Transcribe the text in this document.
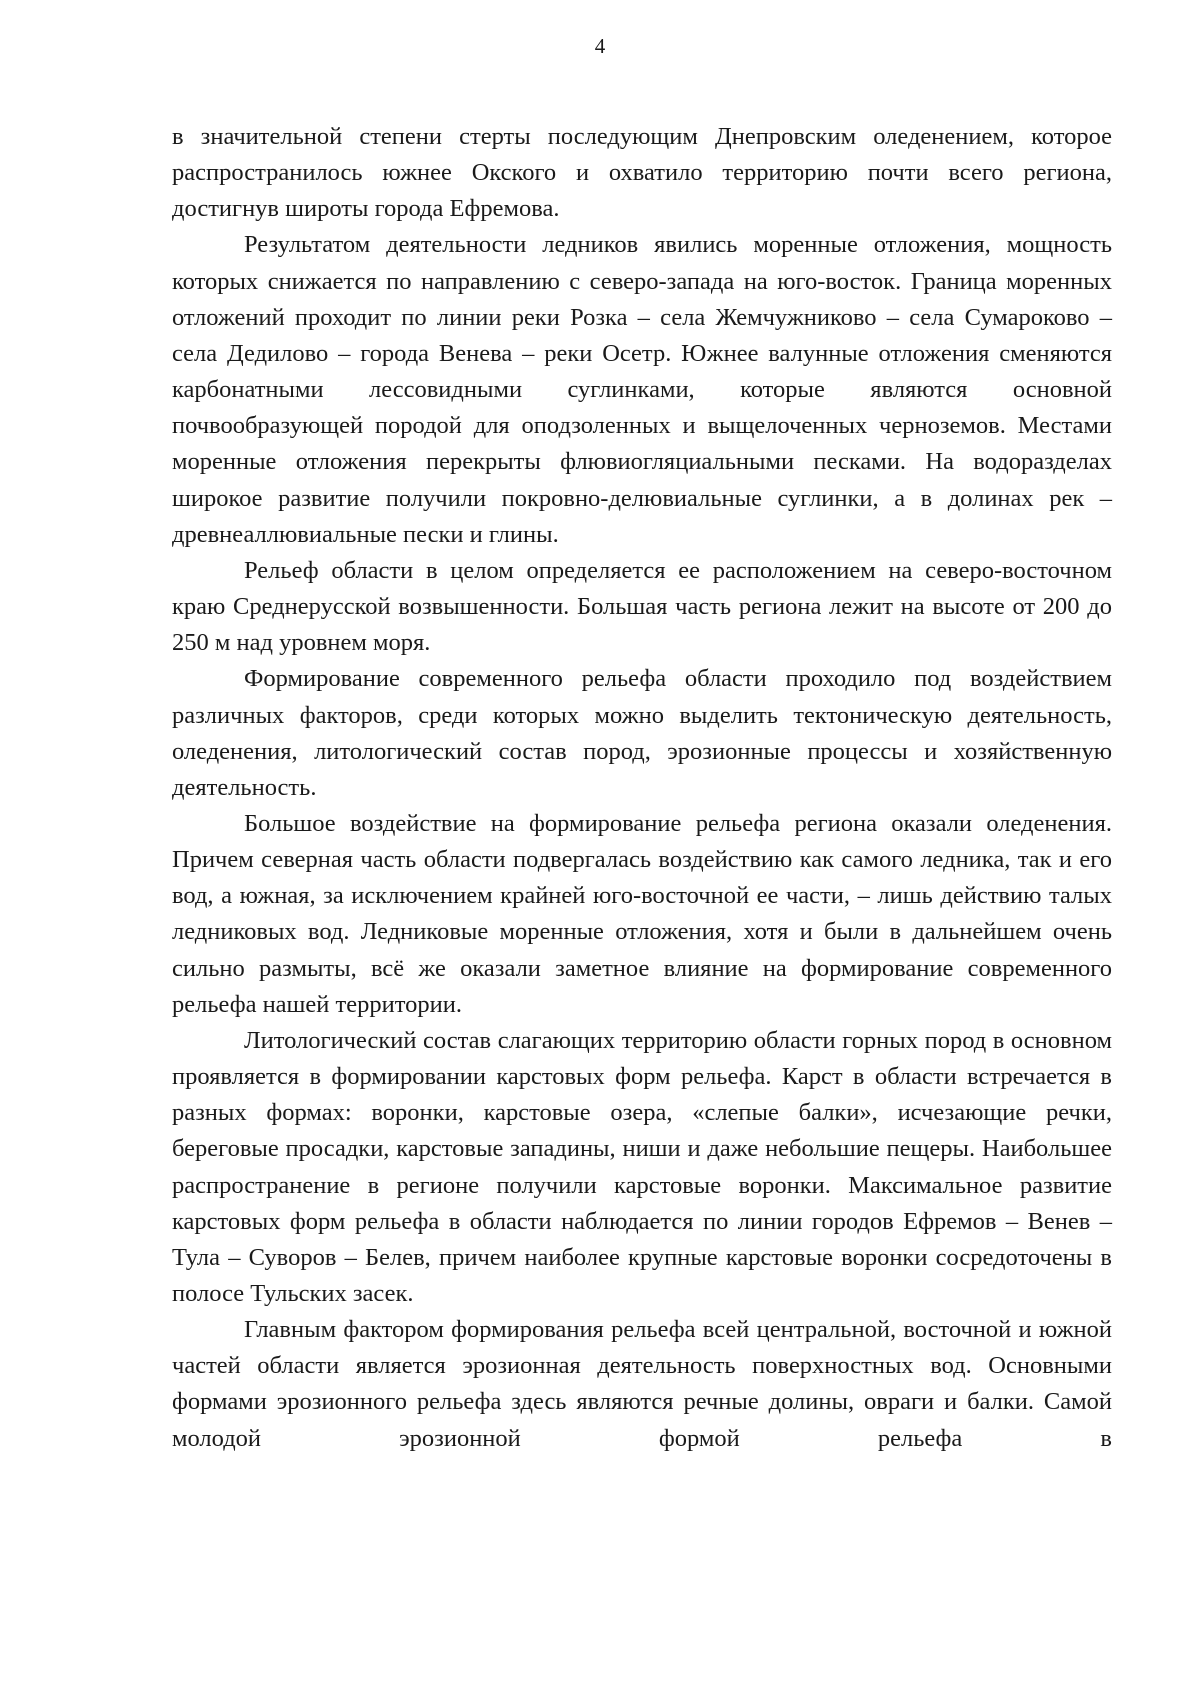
4

в значительной степени стерты последующим Днепровским оледенением, которое распространилось южнее Окского и охватило территорию почти всего региона, достигнув широты города Ефремова.

Результатом деятельности ледников явились моренные отложения, мощность которых снижается по направлению с северо-запада на юго-восток. Граница моренных отложений проходит по линии реки Розка – села Жемчужниково – села Сумароково – села Дедилово – города Венева – реки Осетр. Южнее валунные отложения сменяются карбонатными лессовидными суглинками, которые являются основной почвообразующей породой для оподзоленных и выщелоченных черноземов. Местами моренные отложения перекрыты флювиогляциальными песками. На водоразделах широкое развитие получили покровно-делювиальные суглинки, а в долинах рек – древнеаллювиальные пески и глины.

Рельеф области в целом определяется ее расположением на северо-восточном краю Среднерусской возвышенности. Большая часть региона лежит на высоте от 200 до 250 м над уровнем моря.

Формирование современного рельефа области проходило под воздействием различных факторов, среди которых можно выделить тектоническую деятельность, оледенения, литологический состав пород, эрозионные процессы и хозяйственную деятельность.

Большое воздействие на формирование рельефа региона оказали оледенения. Причем северная часть области подвергалась воздействию как самого ледника, так и его вод, а южная, за исключением крайней юго-восточной ее части, – лишь действию талых ледниковых вод. Ледниковые моренные отложения, хотя и были в дальнейшем очень сильно размыты, всё же оказали заметное влияние на формирование современного рельефа нашей территории.

Литологический состав слагающих территорию области горных пород в основном проявляется в формировании карстовых форм рельефа. Карст в области встречается в разных формах: воронки, карстовые озера, «слепые балки», исчезающие речки, береговые просадки, карстовые западины, ниши и даже небольшие пещеры. Наибольшее распространение в регионе получили карстовые воронки. Максимальное развитие карстовых форм рельефа в области наблюдается по линии городов Ефремов – Венев – Тула – Суворов – Белев, причем наиболее крупные карстовые воронки сосредоточены в полосе Тульских засек.

Главным фактором формирования рельефа всей центральной, восточной и южной частей области является эрозионная деятельность поверхностных вод. Основными формами эрозионного рельефа здесь являются речные долины, овраги и балки. Самой молодой эрозионной формой рельефа в
